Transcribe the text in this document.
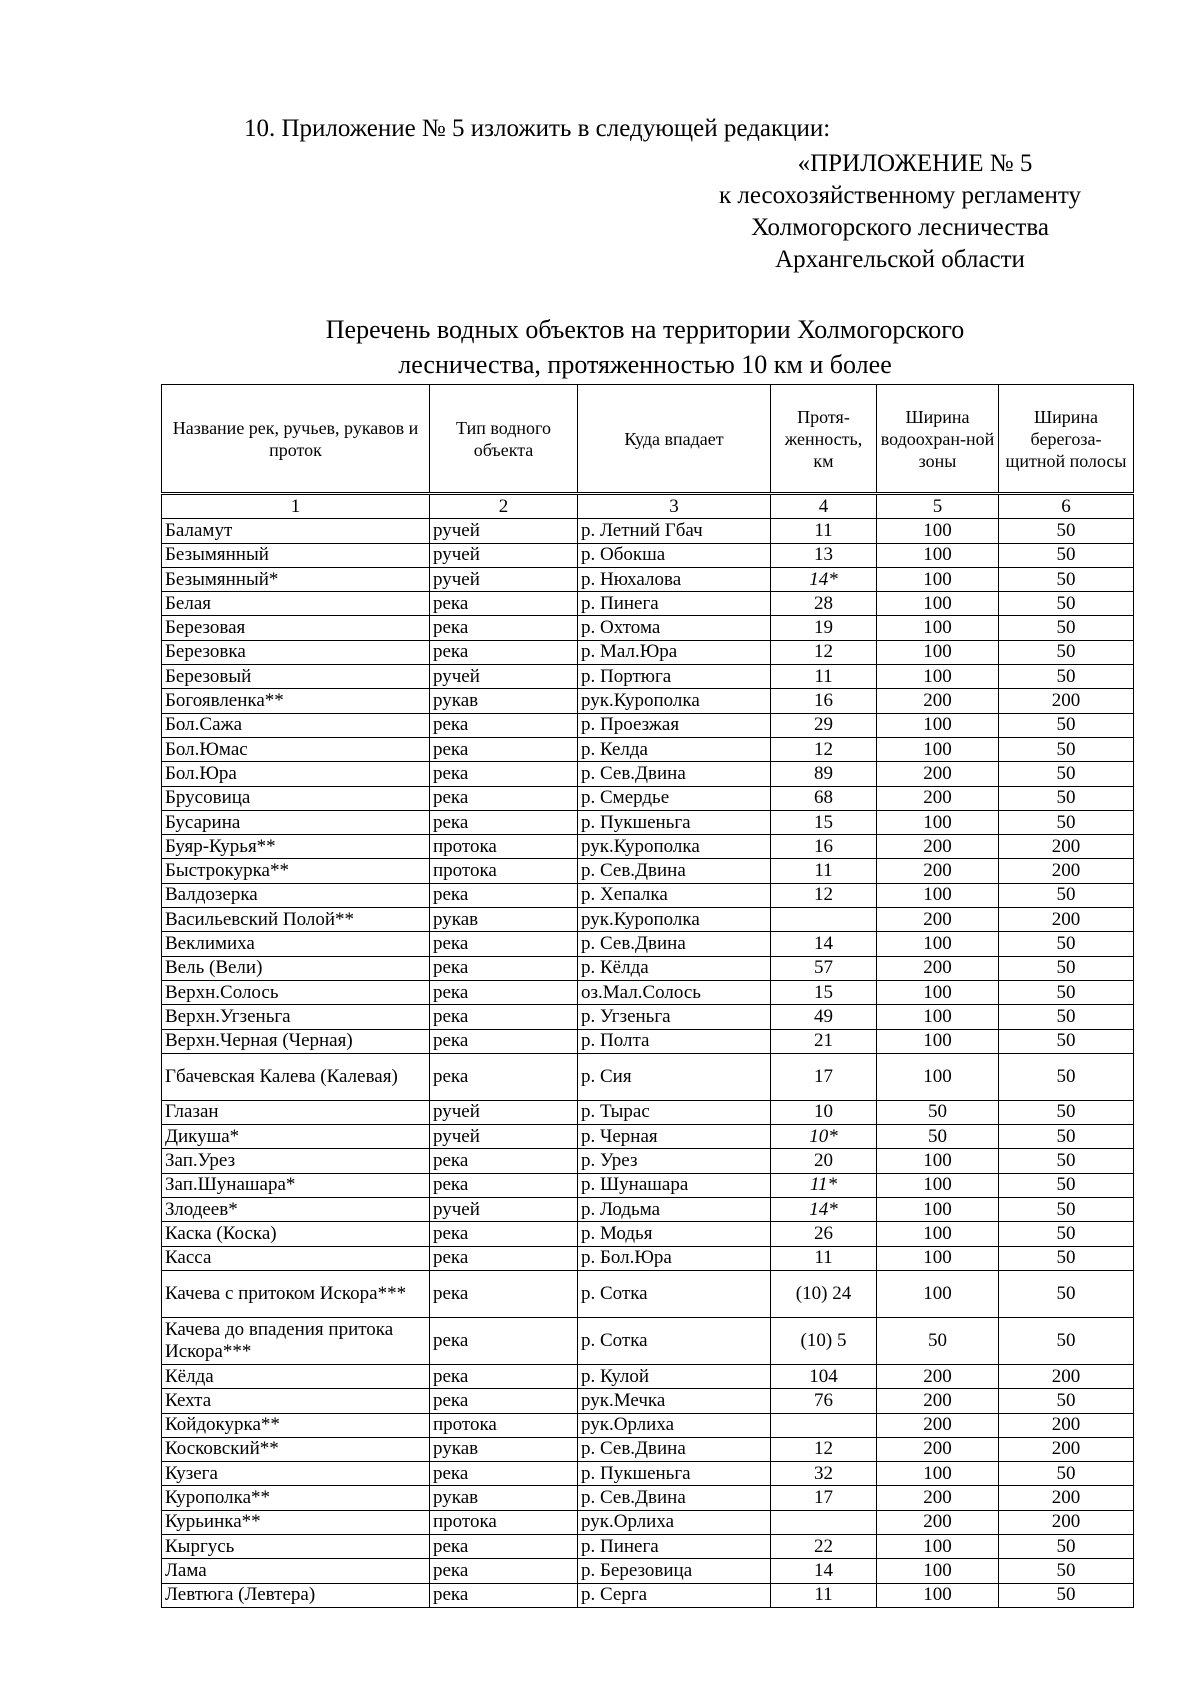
10. Приложение № 5 изложить в следующей редакции:
«ПРИЛОЖЕНИЕ № 5
к лесохозяйственному регламенту
Холмогорского лесничества
Архангельской области
Перечень водных объектов на территории Холмогорского
лесничества, протяженностью 10 км и более
Название рек, ручьев, рукавов и проток	Тип водного объекта	Куда впадает	Протя-женность, км	Ширина водоохран-ной зоны	Ширина берегоза-щитной полосы
1	2	3	4	5	6
Баламут	ручей	р. Летний Гбач	11	100	50
Безымянный	ручей	р. Обокша	13	100	50
Безымянный*	ручей	р. Нюхалова	14*	100	50
Белая	река	р. Пинега	28	100	50
Березовая	река	р. Охтома	19	100	50
Березовка	река	р. Мал.Юра	12	100	50
Березовый	ручей	р. Портюга	11	100	50
Богоявленка**	рукав	рук.Курополка	16	200	200
Бол.Сажа	река	р. Проезжая	29	100	50
Бол.Юмас	река	р. Келда	12	100	50
Бол.Юра	река	р. Сев.Двина	89	200	50
Брусовица	река	р. Смердье	68	200	50
Бусарина	река	р. Пукшеньга	15	100	50
Буяр-Курья**	протока	рук.Курополка	16	200	200
Быстрокурка**	протока	р. Сев.Двина	11	200	200
Валдозерка	река	р. Хепалка	12	100	50
Васильевский Полой**	рукав	рук.Курополка		200	200
Веклимиха	река	р. Сев.Двина	14	100	50
Вель (Вели)	река	р. Кёлда	57	200	50
Верхн.Солось	река	оз.Мал.Солось	15	100	50
Верхн.Угзеньга	река	р. Угзеньга	49	100	50
Верхн.Черная (Черная)	река	р. Полта	21	100	50
Гбачевская Калева (Калевая)	река	р. Сия	17	100	50
Глазан	ручей	р. Тырас	10	50	50
Дикуша*	ручей	р. Черная	10*	50	50
Зап.Урез	река	р. Урез	20	100	50
Зап.Шунашара*	река	р. Шунашара	11*	100	50
Злодеев*	ручей	р. Лодьма	14*	100	50
Каска (Коска)	река	р. Модья	26	100	50
Касса	река	р. Бол.Юра	11	100	50
Качева с притоком Искора***	река	р. Сотка	(10) 24	100	50
Качева до впадения притока Искора***	река	р. Сотка	(10) 5	50	50
Кёлда	река	р. Кулой	104	200	200
Кехта	река	рук.Мечка	76	200	50
Койдокурка**	протока	рук.Орлиха		200	200
Косковский**	рукав	р. Сев.Двина	12	200	200
Кузега	река	р. Пукшеньга	32	100	50
Курополка**	рукав	р. Сев.Двина	17	200	200
Курьинка**	протока	рук.Орлиха		200	200
Кыргусь	река	р. Пинега	22	100	50
Лама	река	р. Березовица	14	100	50
Левтюга (Левтера)	река	р. Серга	11	100	50
